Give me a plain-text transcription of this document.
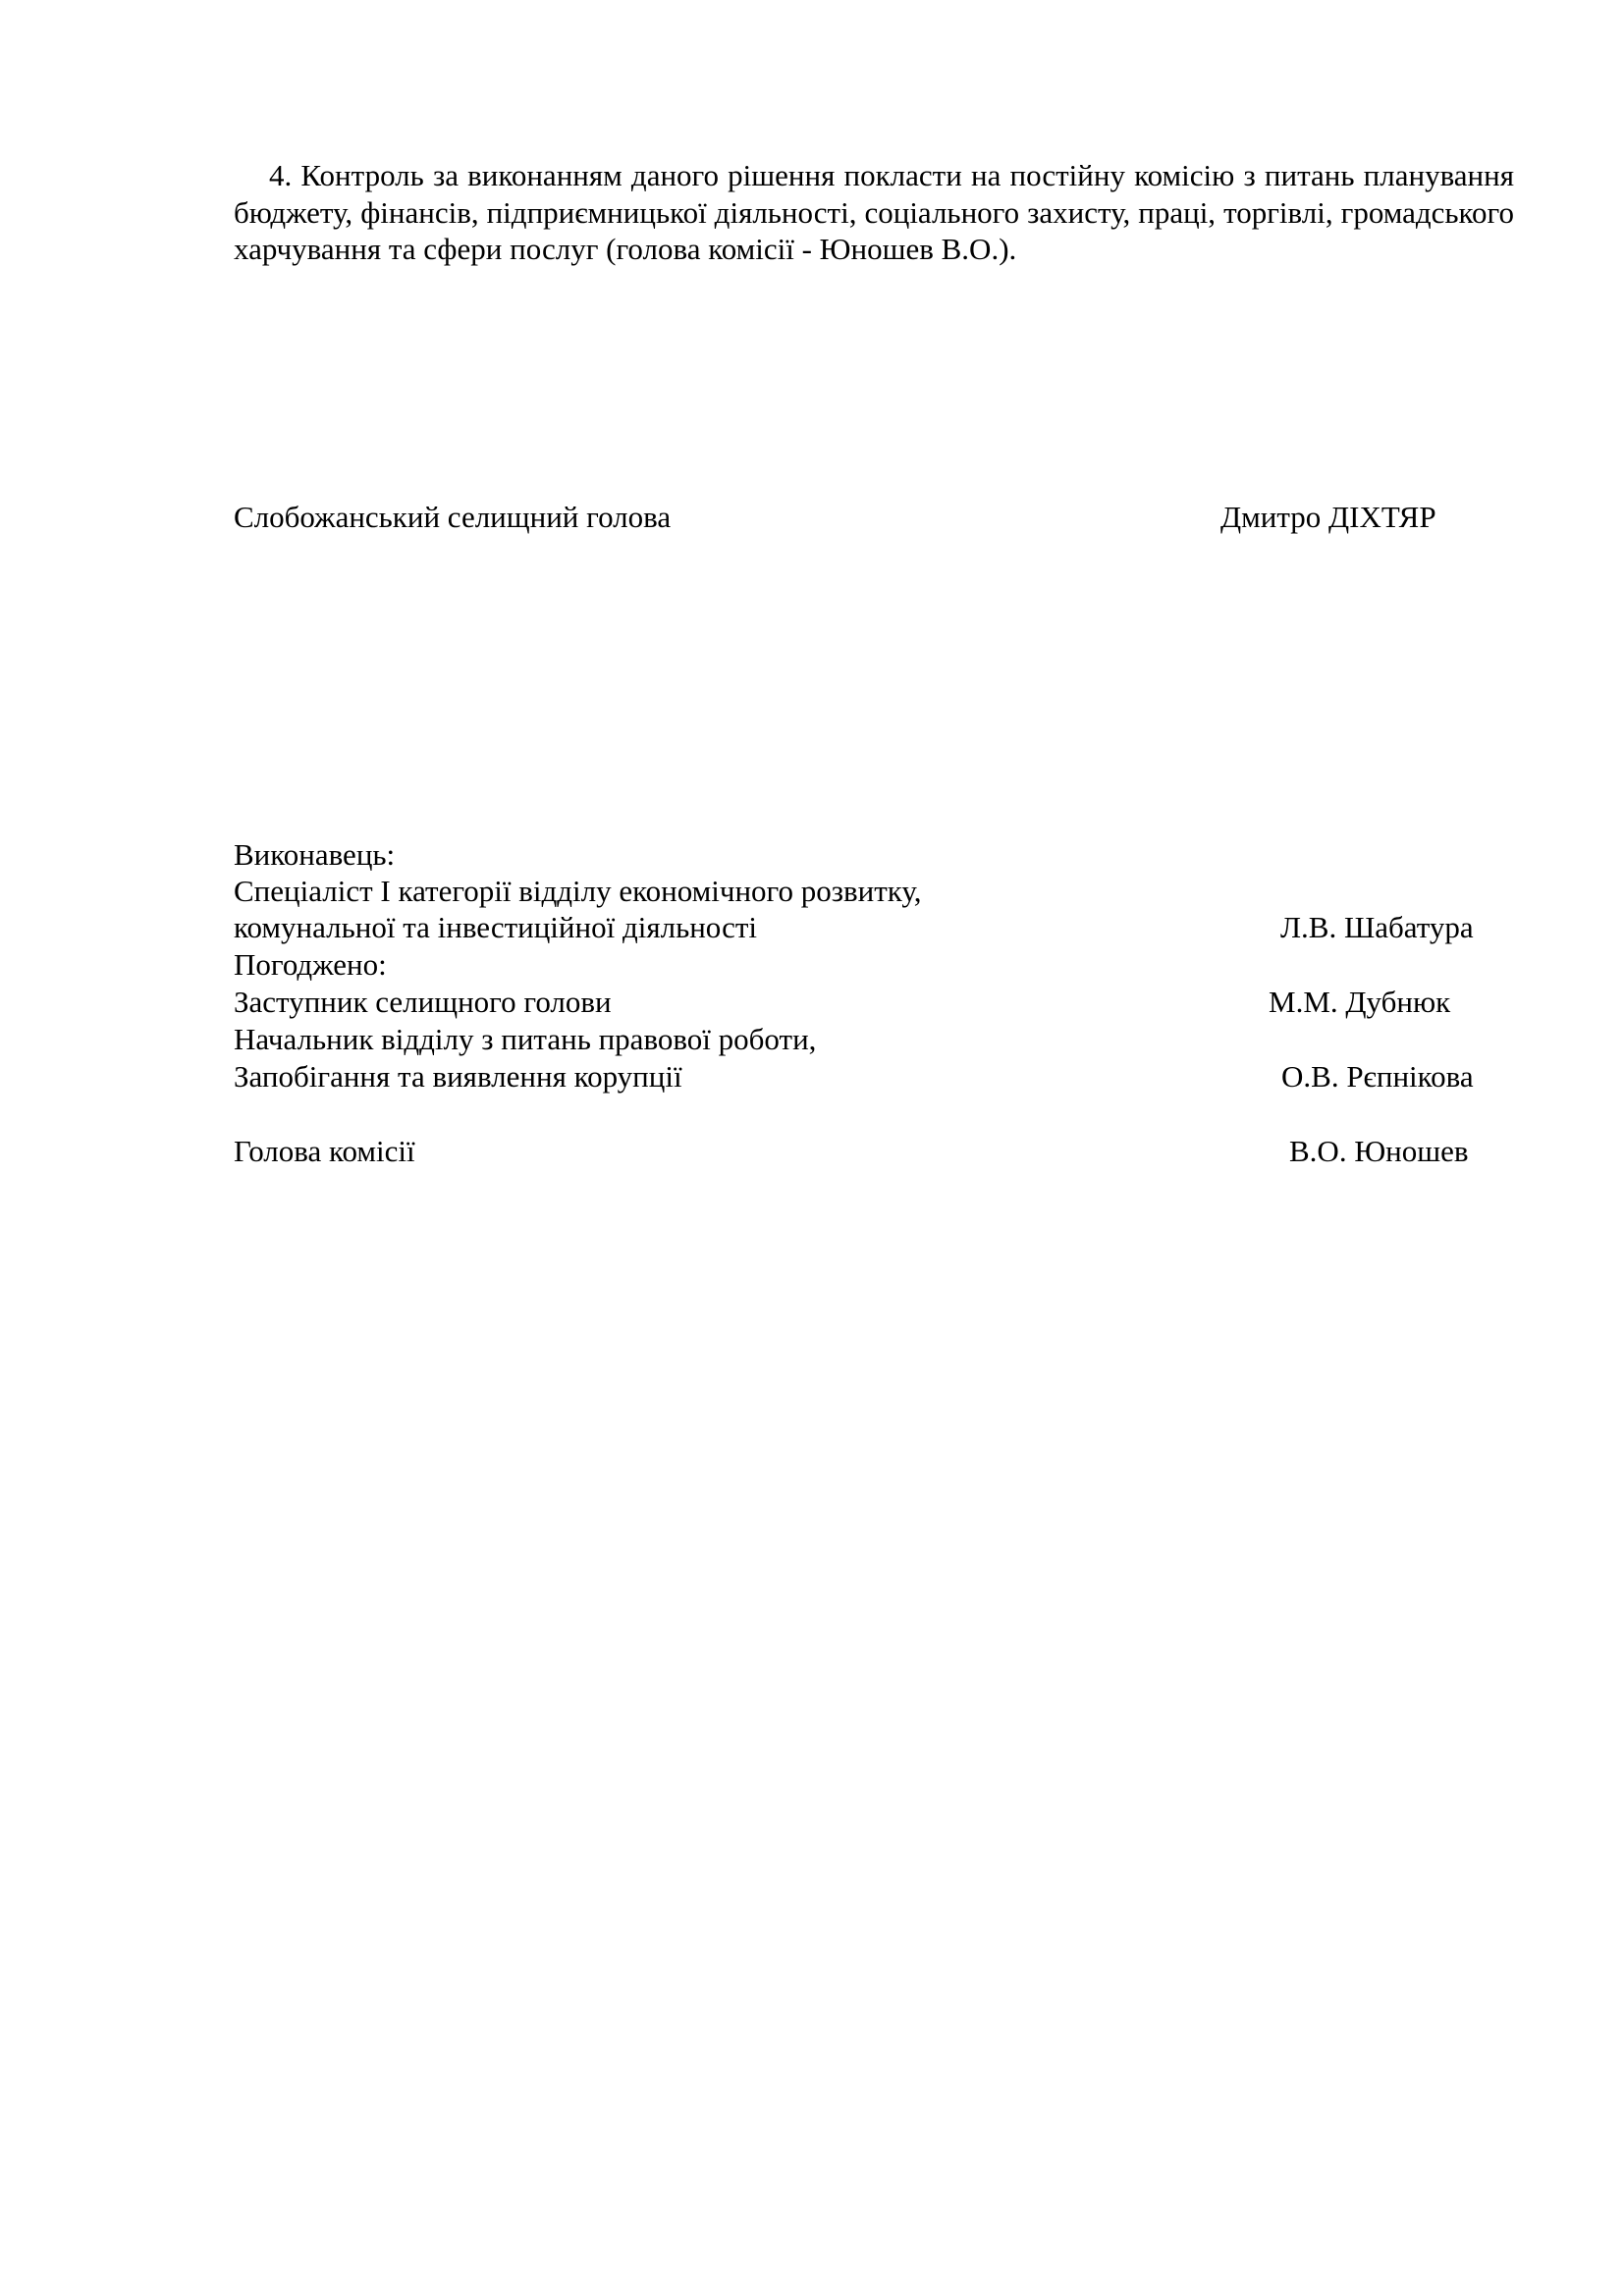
4. Контроль за виконанням даного рішення покласти на постійну комісію з питань планування бюджету, фінансів, підприємницької діяльності, соціального захисту, праці, торгівлі, громадського харчування та сфери послуг (голова комісії - Юношев В.О.).

Слобожанський селищний голова	Дмитро ДІХТЯР
Виконавець:
Спеціаліст І категорії відділу економічного розвитку,
комунальної та інвестиційної діяльності	Л.В. Шабатура
Погоджено:
Заступник селищного голови	М.М. Дубнюк
Начальник відділу з питань правової роботи,
Запобігання та виявлення корупції	О.В. Рєпнікова
Голова комісії	В.О. Юношев
